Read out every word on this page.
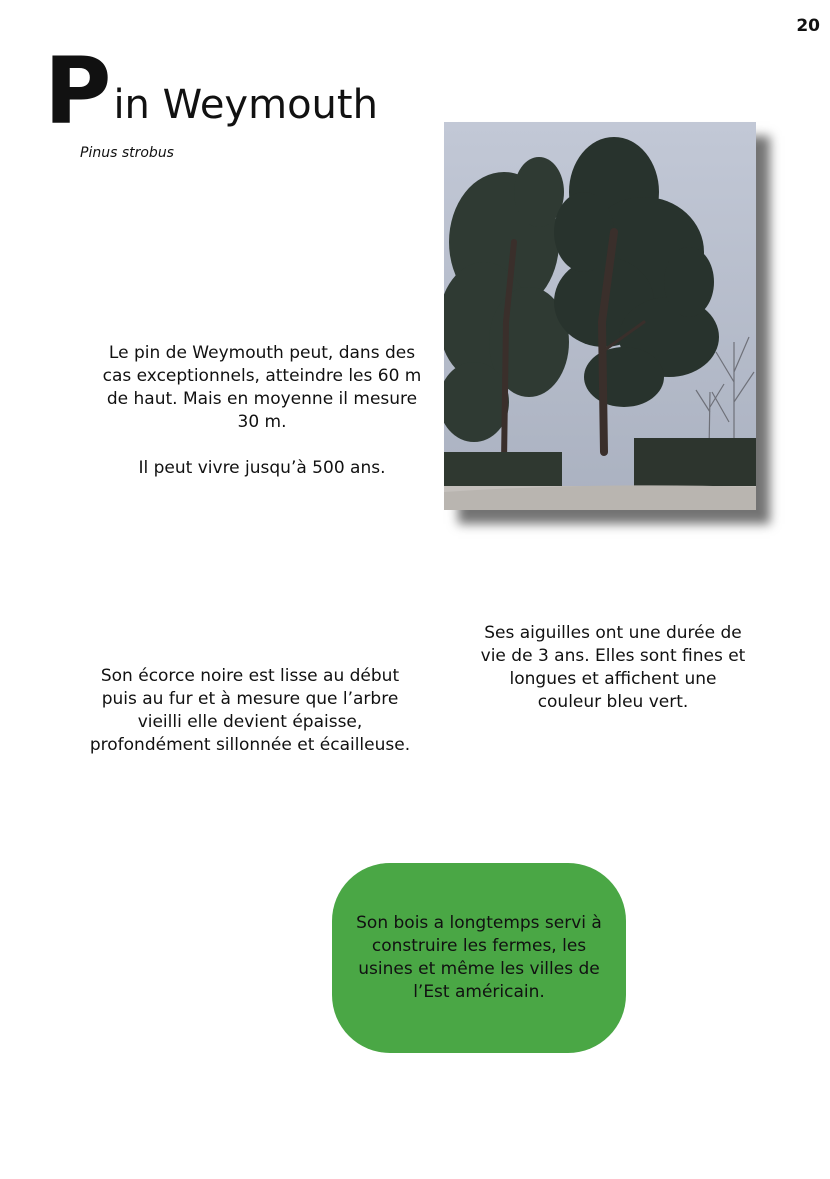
20
P in Weymouth
Pinus strobus

Le pin de Weymouth peut, dans des cas exceptionnels, atteindre les 60 m de haut. Mais en moyenne il mesure 30 m.

Il peut vivre jusqu’à 500 ans.

Ses aiguilles ont une durée de vie de 3 ans. Elles sont fines et longues et affichent une couleur bleu vert.
Son écorce noire est lisse au début puis au fur et à mesure que l’arbre vieilli elle devient épaisse, profondément sillonnée et écailleuse.
Son bois a longtemps servi à construire les fermes, les usines et même les villes de l’Est américain.
